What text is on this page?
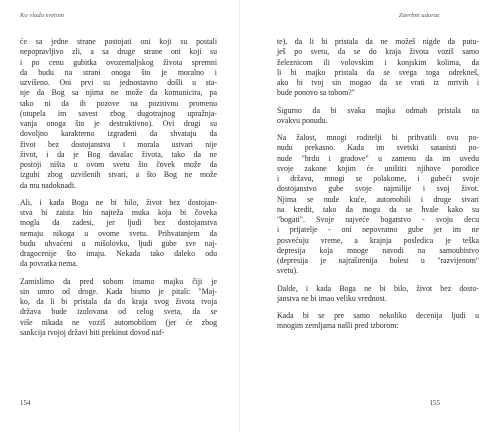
Ko vlada svetom

će sa jedne strane postojati oni koji su postali
nepopravljivo zli, a sa druge strane oni koji su
i po cenu gubitka ovozemaljskog života spremni
da budu na strani onoga što je moralno i
uzvišeno. Oni prvi su jednostavno došli u sta-
nje da Bog sa njima ne može da komunicira, pa
tako ni da ih pozove na pozitivnu promenu
(otupela im savest zbog dugotrajnog upražnja-
vanja onoga što je destruktivno). Ovi drugi su
dovoljno karakterno izgrađeni da shvataju da
život bez dostojanstva i morala ustvari nije
život, i da je Bog davalac života, tako da ne
postoji ništa u ovom svetu što čovek može da
izgubi zbog uzvišenih stvari, a što Bog ne može
da mu nadoknadi.

Ali, i kada Boga ne bi bilo, život bez dostojan-
stva bi zaista bio najteža muka koja bi čoveka
mogla da zadesi, jer ljudi bez dostojanstva
nemaju nikoga u ovome svetu. Prihvatanjem da
budu uhvaćeni u mišolovku, ljudi gube sve naj-
dragocenije što imaju. Nekada tako daleko odu
da povratka nema.

Zamislimo da pred sobom imamo majku čiji je
sin umro od droge. Kada bismo je pitali: "Maj-
ko, da li bi pristala da do kraja svog života tvoja
država bude izolovana od celog sveta, da se
više nikada ne voziš automobilom (jer će zbog
sankcija tvojoj državi biti prekinut dovod naf-

154
Zavrbni udarac

te), da li bi pristala da ne možeš nigde da putu-
ješ po svetu, da se do kraja života voziš samo
železnicom ili volovskim i konjskim kolima, da
li bi majko pristala da se svega toga odrekneš,
ako bi tvoj sin mogao da se vrati iz mrtvih i
bude ponovo sa tobom?"

Sigurno da bi svaka majka odmah pristala na
ovakvu ponudu.

Na žalost, mnogi roditelji bi prihvatili ovu po-
nudu prekasno. Kada im svetski satanisti po-
nude "hrdu i gradove" u zamenu da im uvedu
svoje zakone kojim će uništiti njihove porodice
i državu, mnogi se polakome, i gubeći svoje
dostojanstvo gube svoje najmilije i svoj život.
Njima se nude kuće, automobili i druge stvari
na kredit, tako da mogu da se hvale kako su
"bogati". Svoje najveće bogatstvo - svoju decu
i prijatelje - oni nepovratno gube jer im ne
posvećuju vreme, a krajnja posledica je teška
depresija koja mnoge navodi na samoubistvo
(depresija je najraširenija bolest u "razvijenom"
svetu).

Dalde, i kada Boga ne bi bilo, život bez dosto-
janstva ne bi imao veliku vrednost.

Kada bi se pre samo nekoliko decenija ljudi u
mnogim zemljama našli pred izborom:

155
